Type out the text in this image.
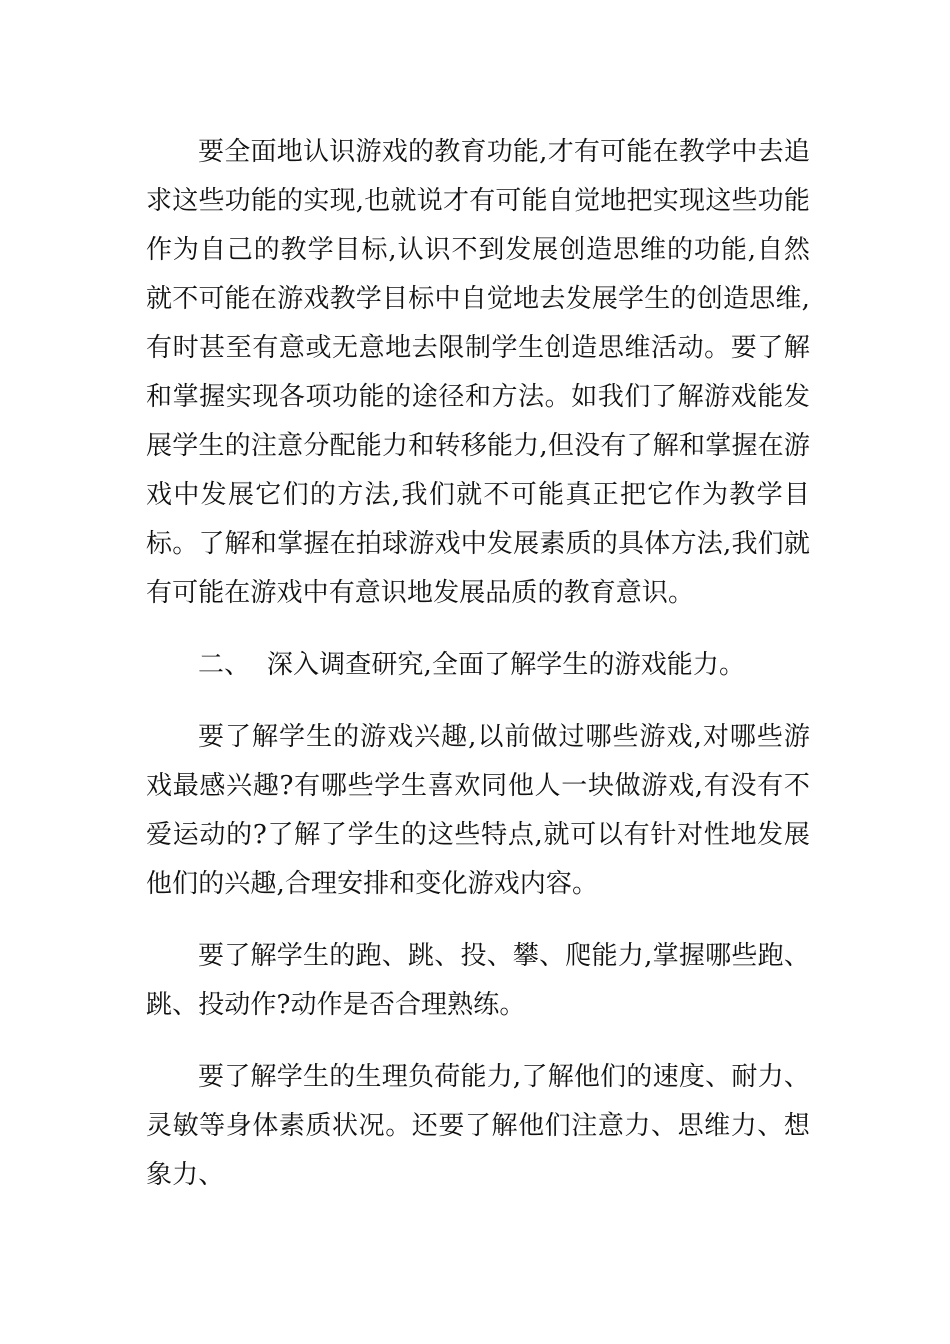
要全面地认识游戏的教育功能,才有可能在教学中去追求这些功能的实现,也就说才有可能自觉地把实现这些功能作为自己的教学目标,认识不到发展创造思维的功能,自然就不可能在游戏教学目标中自觉地去发展学生的创造思维,有时甚至有意或无意地去限制学生创造思维活动。要了解和掌握实现各项功能的途径和方法。如我们了解游戏能发展学生的注意分配能力和转移能力,但没有了解和掌握在游戏中发展它们的方法,我们就不可能真正把它作为教学目标。了解和掌握在拍球游戏中发展素质的具体方法,我们就有可能在游戏中有意识地发展品质的教育意识。

二、  深入调查研究,全面了解学生的游戏能力。

要了解学生的游戏兴趣,以前做过哪些游戏,对哪些游戏最感兴趣?有哪些学生喜欢同他人一块做游戏,有没有不爱运动的?了解了学生的这些特点,就可以有针对性地发展他们的兴趣,合理安排和变化游戏内容。

要了解学生的跑、跳、投、攀、爬能力,掌握哪些跑、跳、投动作?动作是否合理熟练。

要了解学生的生理负荷能力,了解他们的速度、耐力、灵敏等身体素质状况。还要了解他们注意力、思维力、想象力、
